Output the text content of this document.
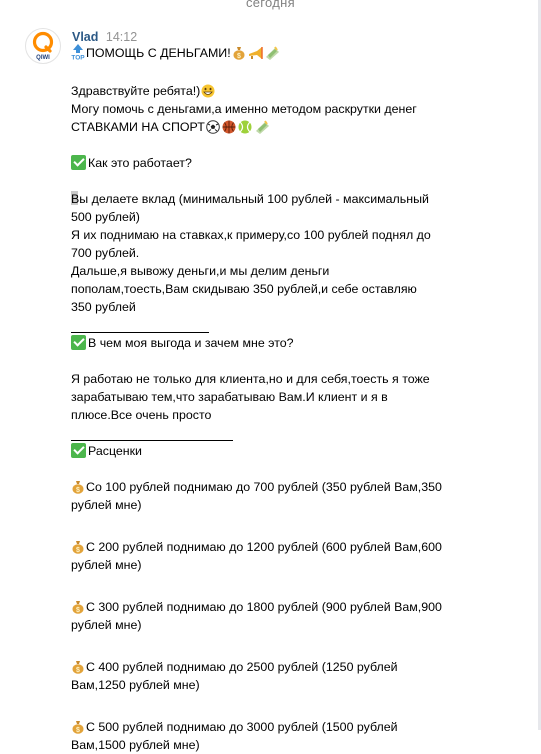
сегодня
QIWI
Vlad 14:12
TOP ПОМОЩЬ С ДЕНЬГАМИ! $
Здравствуйте ребята!)
Могу помочь с деньгами,а именно методом раскрутки денег
СТАВКАМИ НА СПОРТ
Как это работает?
Вы делаете вклад (минимальный 100 рублей - максимальный
500 рублей)
Я их поднимаю на ставках,к примеру,со 100 рублей поднял до
700 рублей.
Дальше,я вывожу деньги,и мы делим деньги
пополам,тоесть,Вам скидываю 350 рублей,и себе оставляю
350 рублей
В чем моя выгода и зачем мне это?
Я работаю не только для клиента,но и для себя,тоесть я тоже
зарабатываю тем,что зарабатываю Вам.И клиент и я в
плюсе.Все очень просто
Расценки
$ Со 100 рублей поднимаю до 700 рублей (350 рублей Вам,350
рублей мне)
$ С 200 рублей поднимаю до 1200 рублей (600 рублей Вам,600
рублей мне)
$ С 300 рублей поднимаю до 1800 рублей (900 рублей Вам,900
рублей мне)
$ С 400 рублей поднимаю до 2500 рублей (1250 рублей
Вам,1250 рублей мне)
$ С 500 рублей поднимаю до 3000 рублей (1500 рублей
Вам,1500 рублей мне)
